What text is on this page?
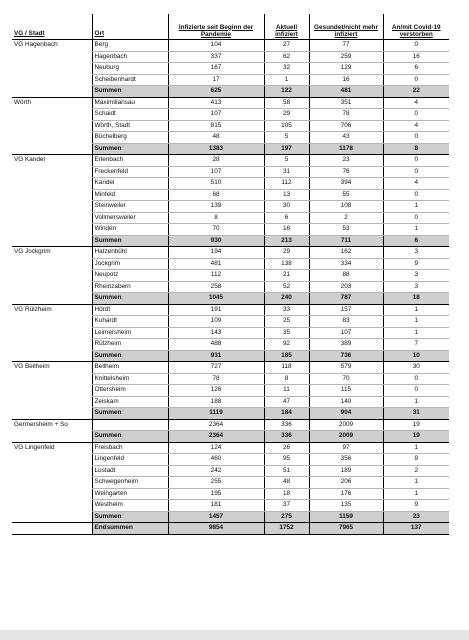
VG / Stadt	Ort	Infizierte seit Beginn der Pandemie	Aktuell infiziert	Gesundet/nicht mehr infiziert	An/mit Covid-19 verstorben
VG Hagenbach	Berg	104	27	77	0
	Hagenbach	337	62	259	16
	Neuburg	167	32	129	6
	Scheibenhardt	17	1	16	0
	Summen	625	122	481	22
Wörth	Maximiliansau	413	58	351	4
	Schaidt	107	29	78	0
	Wörth, Stadt	815	105	706	4
	Büchelberg	48	5	43	0
	Summen	1383	197	1178	8
VG Kandel	Erlenbach	28	5	23	0
	Freckenfeld	107	31	76	0
	Kandel	510	112	394	4
	Minfeld	68	13	55	0
	Steinweiler	139	30	108	1
	Vollmersweiler	8	6	2	0
	Winden	70	16	53	1
	Summen	930	213	711	6
VG Jockgrim	Hatzenbühl	194	29	162	3
	Jockgrim	481	138	334	9
	Neupotz	112	21	88	3
	Rheinzabern	258	52	203	3
	Summen	1045	240	787	18
VG Rülzheim	Hördt	191	33	157	1
	Kuhardt	109	25	83	1
	Leimersheim	143	35	107	1
	Rülzheim	488	92	389	7
	Summen	931	185	736	10
VG Bellheim	Bellheim	727	118	579	30
	Knittelsheim	78	8	70	0
	Ottersheim	126	11	115	0
	Zeiskam	188	47	140	1
	Summen	1119	184	904	31
Germersheim + So		2364	336	2009	19
	Summen	2364	336	2009	19
VG Lingenfeld	Freisbach	124	26	97	1
	Lingenfeld	460	95	356	9
	Lustadt	242	51	189	2
	Schwegenheim	255	48	206	1
	Weingarten	195	18	176	1
	Westheim	181	37	135	9
	Summen	1457	275	1159	23
	Endsummen	9854	1752	7965	137
